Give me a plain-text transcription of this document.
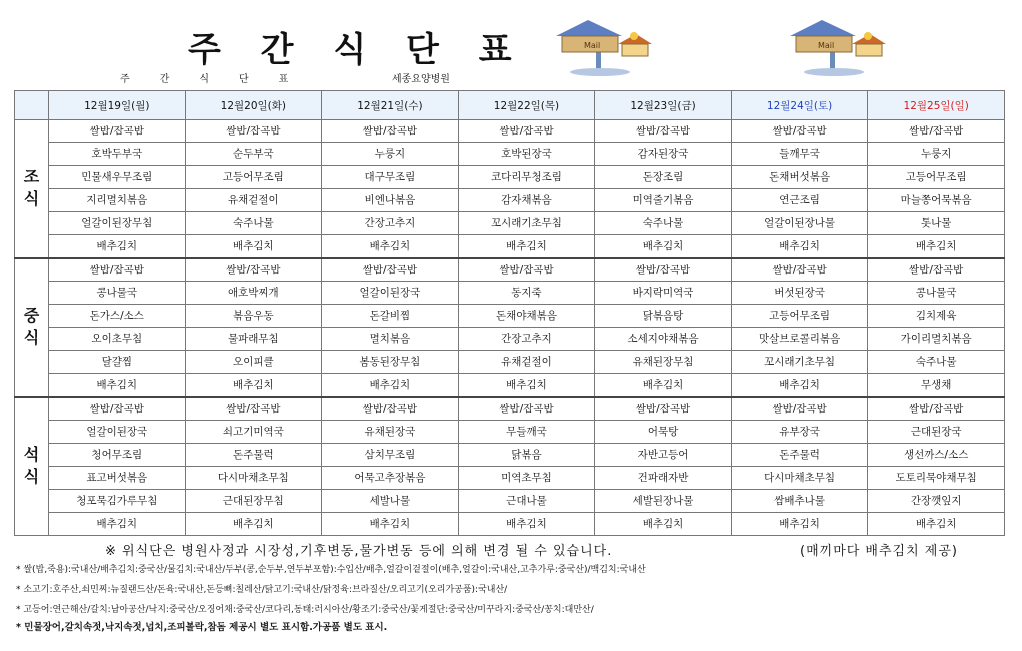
주 간 식 단 표
주간식단표	세종요양병원
Mail	Mail
	12월19일(월)	12월20일(화)	12월21일(수)	12월22일(목)	12월23일(금)	12월24일(토)	12월25일(일)
조
식	쌀밥/잡곡밥	쌀밥/잡곡밥	쌀밥/잡곡밥	쌀밥/잡곡밥	쌀밥/잡곡밥	쌀밥/잡곡밥	쌀밥/잡곡밥
	호박두부국	순두부국	누룽지	호박된장국	감자된장국	들깨무국	누룽지
	민물새우무조림	고등어무조림	대구무조림	코다리무청조림	돈장조림	돈채버섯볶음	고등어무조림
	지리멸치볶음	유채겉절이	비엔나볶음	감자채볶음	미역줄기볶음	연근조림	마늘쫑어묵볶음
	얼갈이된장무침	숙주나물	간장고추지	꼬시래기초무침	숙주나물	얼갈이된장나물	톳나물
	배추김치	배추김치	배추김치	배추김치	배추김치	배추김치	배추김치
중
식	쌀밥/잡곡밥	쌀밥/잡곡밥	쌀밥/잡곡밥	쌀밥/잡곡밥	쌀밥/잡곡밥	쌀밥/잡곡밥	쌀밥/잡곡밥
	콩나물국	애호박찌개	얼갈이된장국	동지죽	바지락미역국	버섯된장국	콩나물국
	돈가스/소스	볶음우동	돈갈비찜	돈채야채볶음	닭볶음탕	고등어무조림	김치제육
	오이초무침	물파래무침	멸치볶음	간장고추지	소세지야채볶음	맛살브로콜리볶음	가이리멸치볶음
	달걀찜	오이피클	봄동된장무침	유채겉절이	유채된장무침	꼬시래기초무침	숙주나물
	배추김치	배추김치	배추김치	배추김치	배추김치	배추김치	무생채
석
식	쌀밥/잡곡밥	쌀밥/잡곡밥	쌀밥/잡곡밥	쌀밥/잡곡밥	쌀밥/잡곡밥	쌀밥/잡곡밥	쌀밥/잡곡밥
	얼갈이된장국	쇠고기미역국	유채된장국	무들깨국	어묵탕	유부장국	근대된장국
	청어무조림	돈주물럭	삼치무조림	닭볶음	자반고등어	돈주물럭	생선까스/소스
	표고버섯볶음	다시마채초무침	어묵고추장볶음	미역초무침	건파래자반	다시마채초무침	도토리묵야채무침
	청포묵김가루무침	근대된장무침	세발나물	근대나물	세발된장나물	쌈배추나물	간장깻잎지
	배추김치	배추김치	배추김치	배추김치	배추김치	배추김치	배추김치
※ 위식단은 병원사정과 시장성,기후변동,물가변동 등에 의해 변경 될 수 있습니다.	(매끼마다 배추김치 제공)
* 쌀(밥,죽용):국내산/배추김치:중국산/물김치:국내산/두부(콩,순두부,연두부포함):수입산/배추,얼갈이겉절이(배추,얼갈이:국내산,고추가루:중국산)/백김치:국내산
* 소고기:호주산,쇠민찌:뉴질랜드산/돈육:국내산,돈등뼈:칠레산/닭고기:국내산/닭정육:브라질산/오리고기(오리가공품):국내산/
* 고등어:연근해산/갈치:남아공산/낙지:중국산/오징어채:중국산/코다리,동태:러시아산/황조기:중국산/꽃게절단:중국산/미꾸라지:중국산/꽁치:대만산/
* 민물장어,갈치속젓,낙지속젓,넙치,조피볼락,참돔 제공시 별도 표시함.가공품 별도 표시.
